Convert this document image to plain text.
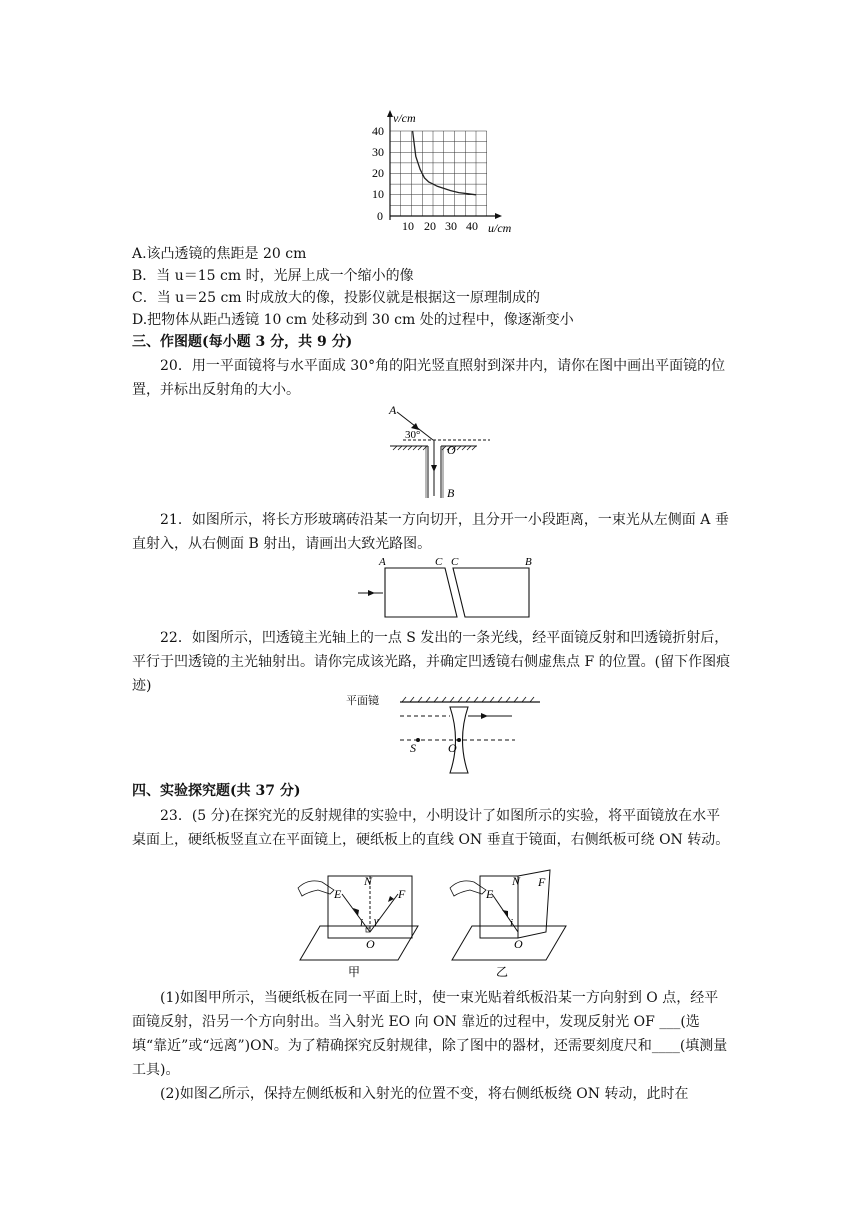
v/cm
u/cm
40
30
20
10
0
10 20 30 40
A.该凸透镜的焦距是 20 cm
B．当 u＝15 cm 时，光屏上成一个缩小的像
C．当 u＝25 cm 时成放大的像，投影仪就是根据这一原理制成的
D.把物体从距凸透镜 10 cm 处移动到 30 cm 处的过程中，像逐渐变小
三、作图题(每小题 3 分，共 9 分)
20．用一平面镜将与水平面成 30°角的阳光竖直照射到深井内，请你在图中画出平面镜的位置，并标出反射角的大小。
A
30°
O
B
21．如图所示，将长方形玻璃砖沿某一方向切开，且分开一小段距离，一束光从左侧面 A 垂直射入，从右侧面 B 射出，请画出大致光路图。
A	C C	B
22．如图所示，凹透镜主光轴上的一点 S 发出的一条光线，经平面镜反射和凹透镜折射后，平行于凹透镜的主光轴射出。请你完成该光路，并确定凹透镜右侧虚焦点 F 的位置。(留下作图痕迹)
平面镜
S	O
四、实验探究题(共 37 分)
23．(5 分)在探究光的反射规律的实验中，小明设计了如图所示的实验，将平面镜放在水平桌面上，硬纸板竖直立在平面镜上，硬纸板上的直线 ON 垂直于镜面，右侧纸板可绕 ON 转动。
E
N
F
i γ
O
甲
E
N F
i
O
乙
(1)如图甲所示，当硬纸板在同一平面上时，使一束光贴着纸板沿某一方向射到 O 点，经平面镜反射，沿另一个方向射出。当入射光 EO 向 ON 靠近的过程中，发现反射光 OF ___(选填“靠近”或“远离”)ON。为了精确探究反射规律，除了图中的器材，还需要刻度尺和____(填测量工具)。
(2)如图乙所示，保持左侧纸板和入射光的位置不变，将右侧纸板绕 ON 转动，此时在
